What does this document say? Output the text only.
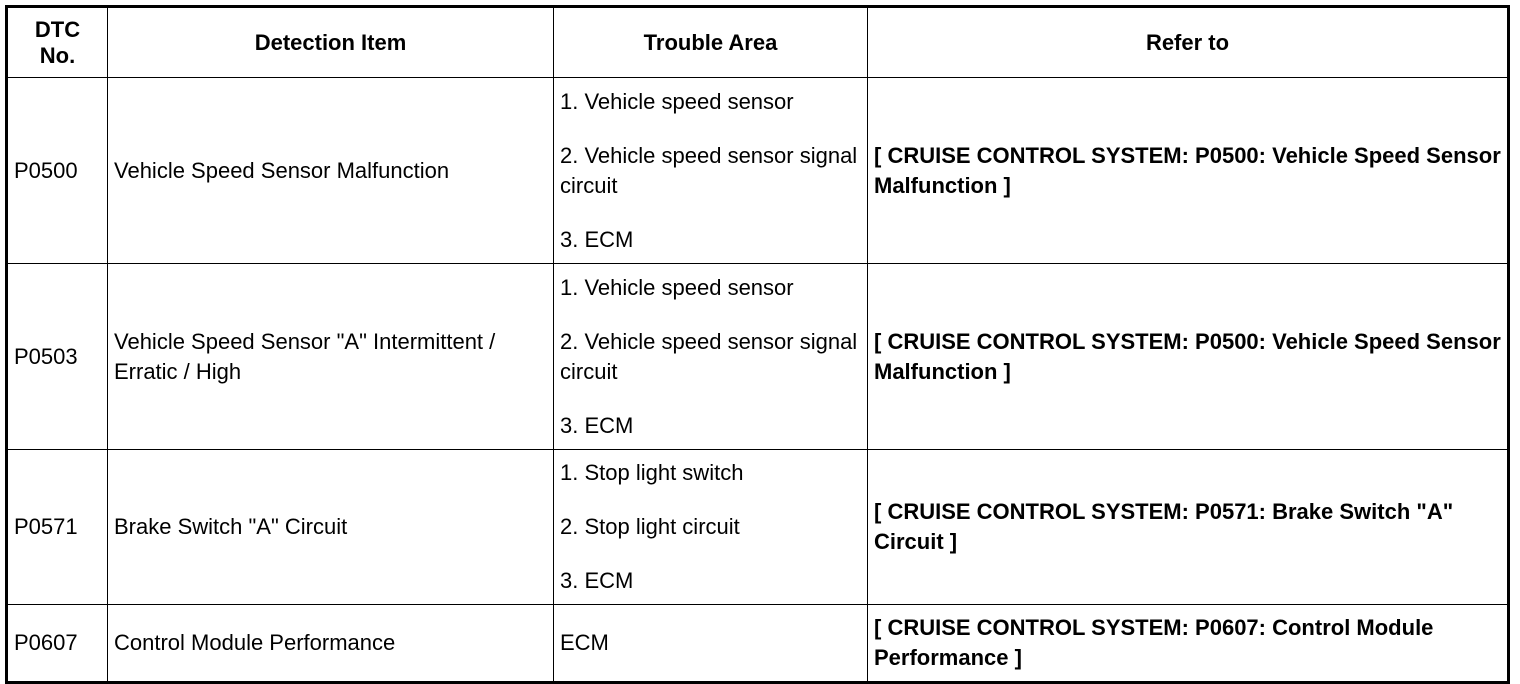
DTC
No.	Detection Item	Trouble Area	Refer to
P0500	Vehicle Speed Sensor Malfunction	1. Vehicle speed sensor
2. Vehicle speed sensor signal circuit
3. ECM	[ CRUISE CONTROL SYSTEM: P0500: Vehicle Speed Sensor Malfunction ]
P0503	Vehicle Speed Sensor "A" Intermittent / Erratic / High	1. Vehicle speed sensor
2. Vehicle speed sensor signal circuit
3. ECM	[ CRUISE CONTROL SYSTEM: P0500: Vehicle Speed Sensor Malfunction ]
P0571	Brake Switch "A" Circuit	1. Stop light switch
2. Stop light circuit
3. ECM	[ CRUISE CONTROL SYSTEM: P0571: Brake Switch "A" Circuit ]
P0607	Control Module Performance	ECM	[ CRUISE CONTROL SYSTEM: P0607: Control Module Performance ]
